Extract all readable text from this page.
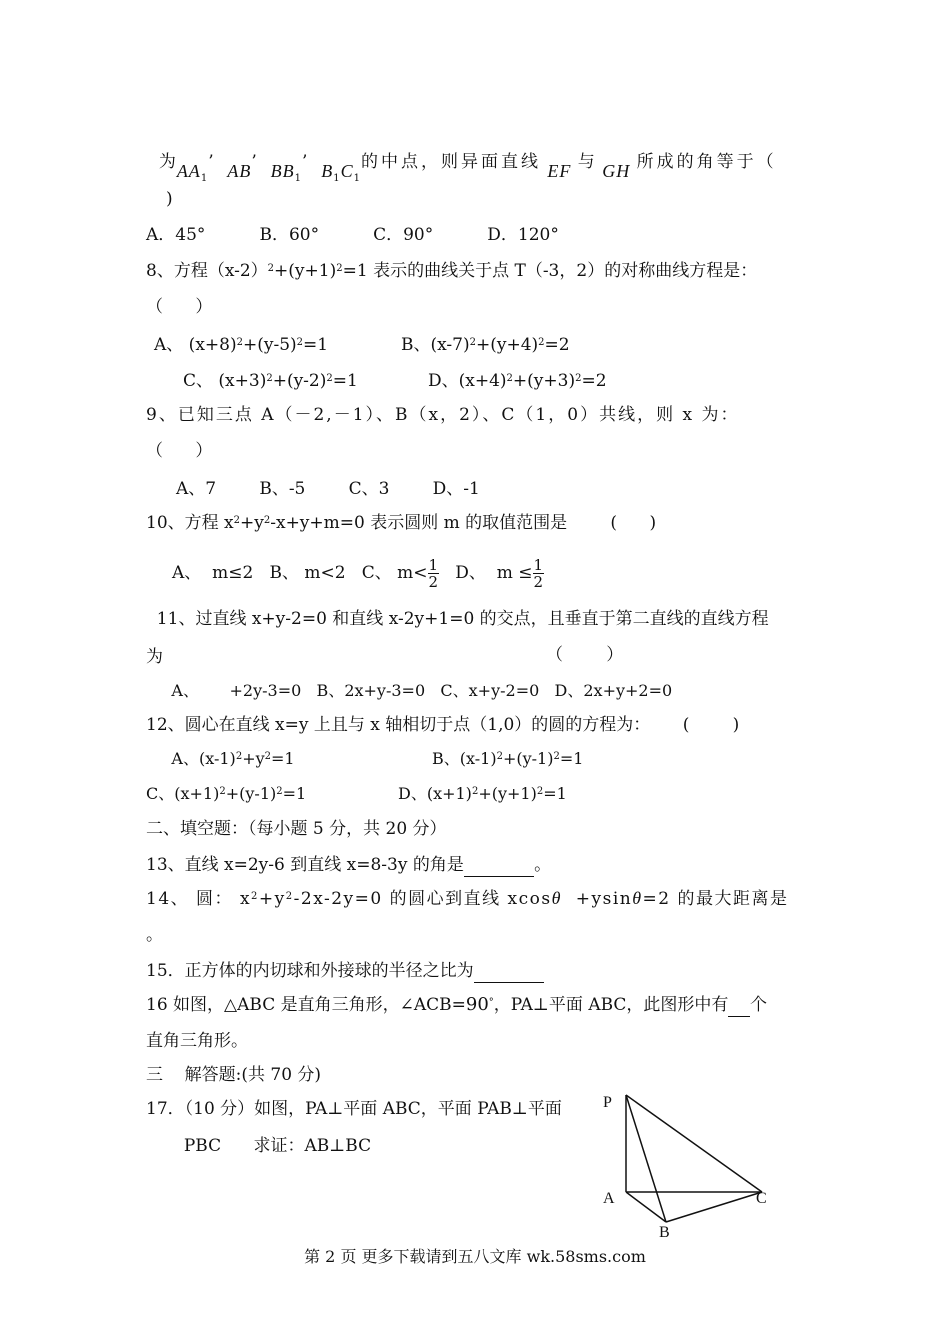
为$AA_1$’ AB’ $BB_1$’ $B_1C_1$的中点，则异面直线 EF 与 GH 所成的角等于（

)
A．45°          B．60°          C．90°          D．120°
8、方程$(x-2)^2+(y+1)^2=1$ 表示的曲线关于点 T（-3，2）的对称曲线方程是：
（      ）
A、 $(x+8)^2+(y-5)^2=1$	B、$(x-7)^2+(y+4)^2=2$
C、 $(x+3)^2+(y-2)^2=1$	D、$(x+4)^2+(y+3)^2=2$
9、已知三点 A（－2,－1）、B（x，2）、C（1，0）共线，则 x 为：
（      ）
A、7        B、-5        C、3        D、-1
10、方程 $x^2+y^2-x+y+m=0$ 表示圆则 m 的取值范围是        (      )
A、  m≤2   B、 m<2   C、 $m< \frac{1}{2}$ D、  $m \le \frac{1}{2}$
11、过直线 x+y-2=0 和直线 x-2y+1=0 的交点，且垂直于第二直线的直线方程
为	（        ）
A、      +2y-3=0   B、2x+y-3=0   C、x+y-2=0   D、2x+y+2=0
12、圆心在直线 x=y 上且与 x 轴相切于点（1,0）的圆的方程为：      (        )
A、$(x-1)^2+y^2=1$	B、$(x-1)^2+(y-1)^2=1$
C、$(x+1)^2+(y-1)^2=1$	D、$(x+1)^2+(y+1)^2=1$
二、填空题：（每小题 5 分，共 20 分）
13、直线 x=2y-6 到直线 x=8-3y 的角是	。
14、 圆： $x^2+y^2-2x-2y=0$ 的圆心到直线 xcosθ  +ysinθ=2 的最大距离是
。
15．正方体的内切球和外接球的半径之比为
16 如图，△ABC 是直角三角形，∠ACB=90°，PA⊥平面 ABC，此图形中有 个
直角三角形。
三    解答题:(共 70 分)
17．（10 分）如图，PA⊥平面 ABC，平面 PAB⊥平面
PBC      求证：AB⊥BC
P
A
B
C
第 2 页 更多下载请到五八文库 wk.58sms.com
